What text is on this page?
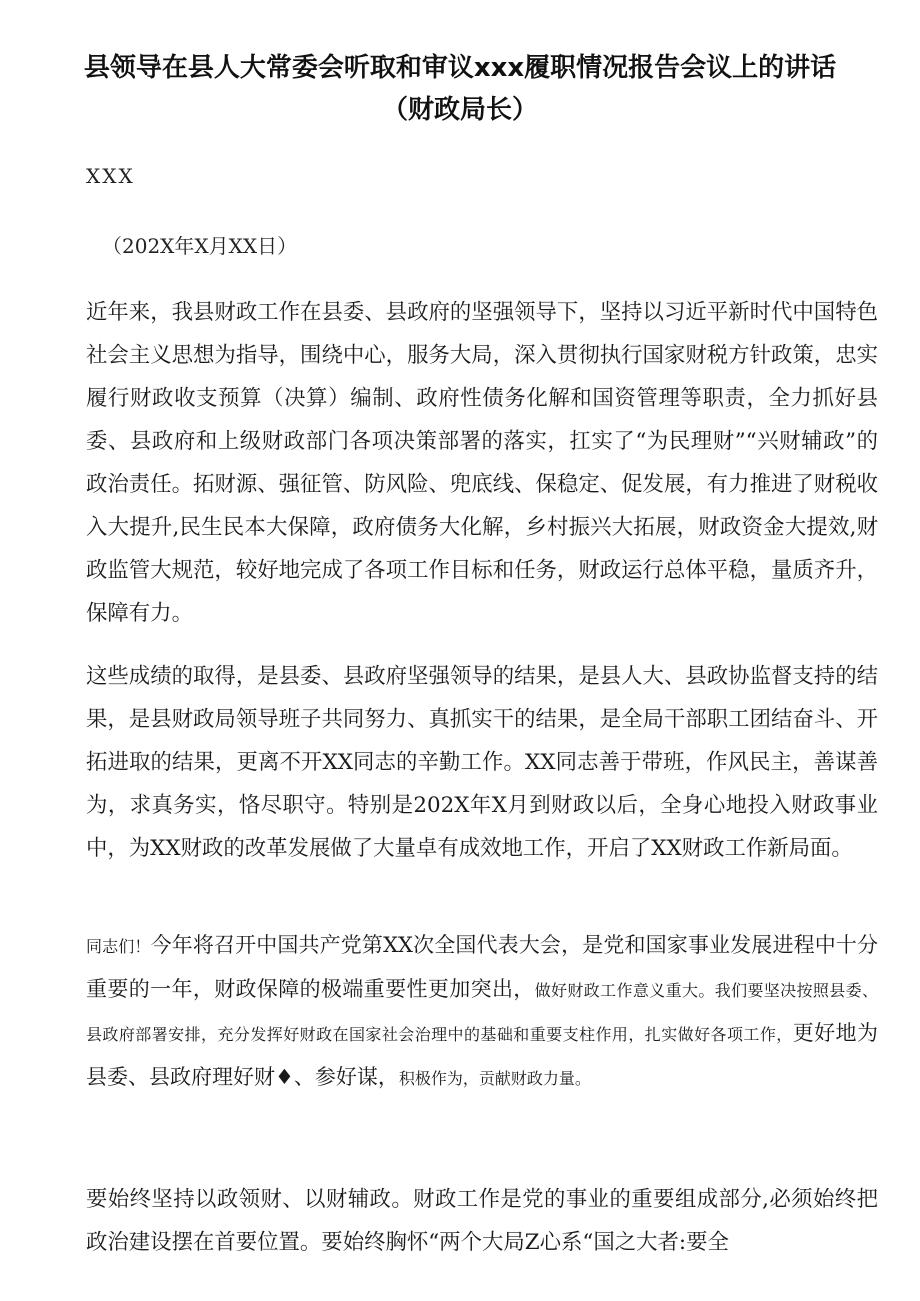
县领导在县人大常委会听取和审议xxx履职情况报告会议上的讲话
（财政局长）

XXX

（202X年X月XX日）

近年来，我县财政工作在县委、县政府的坚强领导下，坚持以习近平新时代中国特色社会主义思想为指导，围绕中心，服务大局，深入贯彻执行国家财税方针政策，忠实履行财政收支预算（决算）编制、政府性债务化解和国资管理等职责，全力抓好县委、县政府和上级财政部门各项决策部署的落实，扛实了“为民理财”“兴财辅政”的政治责任。拓财源、强征管、防风险、兜底线、保稳定、促发展，有力推进了财税收入大提升,民生民本大保障，政府债务大化解，乡村振兴大拓展，财政资金大提效,财政监管大规范，较好地完成了各项工作目标和任务，财政运行总体平稳，量质齐升，保障有力。

这些成绩的取得，是县委、县政府坚强领导的结果，是县人大、县政协监督支持的结果，是县财政局领导班子共同努力、真抓实干的结果，是全局干部职工团结奋斗、开拓进取的结果，更离不开XX同志的辛勤工作。XX同志善于带班，作风民主，善谋善为，求真务实，恪尽职守。特别是202X年X月到财政以后，全身心地投入财政事业中，为XX财政的改革发展做了大量卓有成效地工作，开启了XX财政工作新局面。

同志们！今年将召开中国共产党第XX次全国代表大会，是党和国家事业发展进程中十分重要的一年，财政保障的极端重要性更加突出，做好财政工作意义重大。我们要坚决按照县委、县政府部署安排，充分发挥好财政在国家社会治理中的基础和重要支柱作用，扎实做好各项工作，更好地为县委、县政府理好财♦、参好谋，积极作为，贡献财政力量。

要始终坚持以政领财、以财辅政。财政工作是党的事业的重要组成部分,必须始终把政治建设摆在首要位置。要始终胸怀“两个大局Z心系“国之大者:要全
